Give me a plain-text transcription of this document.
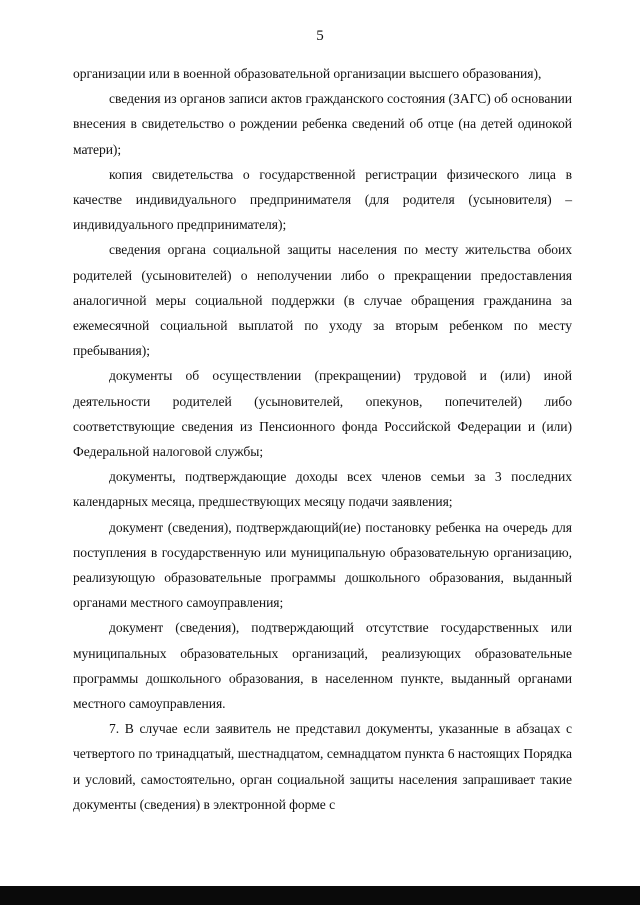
5

организации или в военной образовательной организации высшего образования),

сведения из органов записи актов гражданского состояния (ЗАГС) об основании внесения в свидетельство о рождении ребенка сведений об отце (на детей одинокой матери);

копия свидетельства о государственной регистрации физического лица в качестве индивидуального предпринимателя (для родителя (усыновителя) – индивидуального предпринимателя);

сведения органа социальной защиты населения по месту жительства обоих родителей (усыновителей) о неполучении либо о прекращении предоставления аналогичной меры социальной поддержки (в случае обращения гражданина за ежемесячной социальной выплатой по уходу за вторым ребенком по месту пребывания);

документы об осуществлении (прекращении) трудовой и (или) иной деятельности родителей (усыновителей, опекунов, попечителей) либо соответствующие сведения из Пенсионного фонда Российской Федерации и (или) Федеральной налоговой службы;

документы, подтверждающие доходы всех членов семьи за 3 последних календарных месяца, предшествующих месяцу подачи заявления;

документ (сведения), подтверждающий(ие) постановку ребенка на очередь для поступления в государственную или муниципальную образовательную организацию, реализующую образовательные программы дошкольного образования, выданный органами местного самоуправления;

документ (сведения), подтверждающий отсутствие государственных или муниципальных образовательных организаций, реализующих образовательные программы дошкольного образования, в населенном пункте, выданный органами местного самоуправления.

7. В случае если заявитель не представил документы, указанные в абзацах с четвертого по тринадцатый, шестнадцатом, семнадцатом пункта 6 настоящих Порядка и условий, самостоятельно, орган социальной защиты населения запрашивает такие документы (сведения) в электронной форме с
